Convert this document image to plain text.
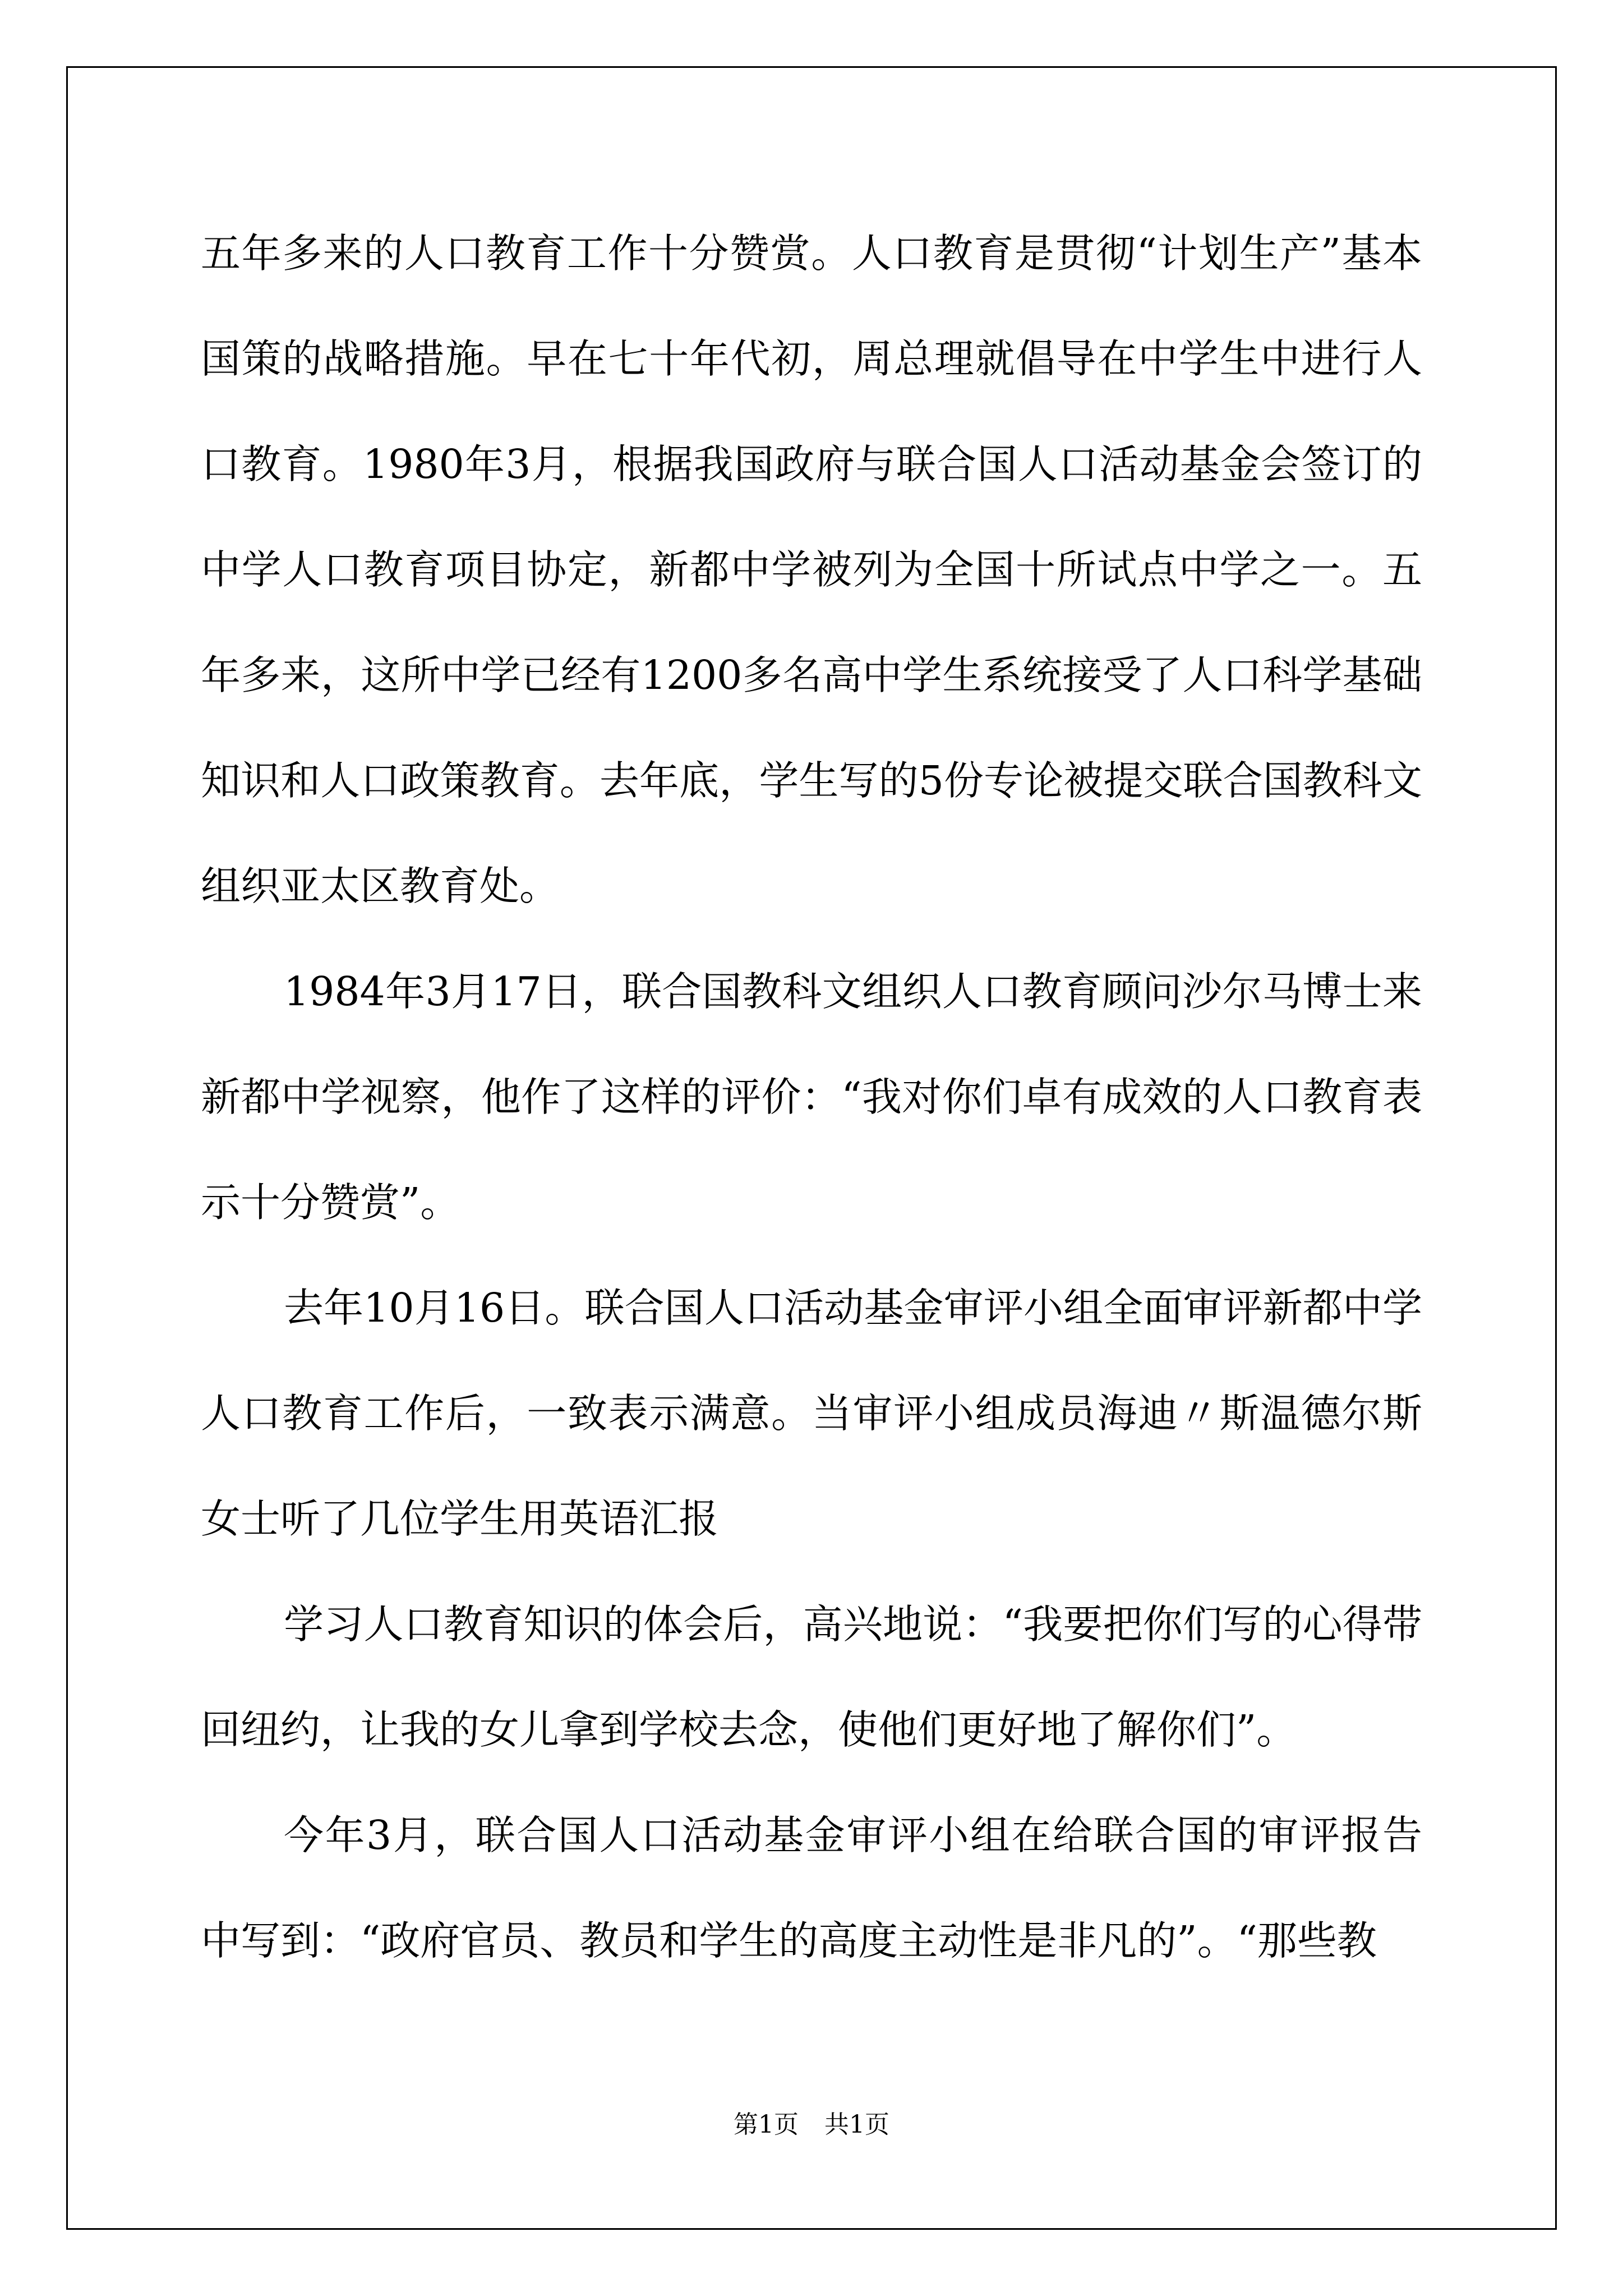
五年多来的人口教育工作十分赞赏。人口教育是贯彻“计划生产”基本国策的战略措施。早在七十年代初，周总理就倡导在中学生中进行人口教育。1980年3月，根据我国政府与联合国人口活动基金会签订的中学人口教育项目协定，新都中学被列为全国十所试点中学之一。五年多来，这所中学已经有1200多名高中学生系统接受了人口科学基础知识和人口政策教育。去年底，学生写的5份专论被提交联合国教科文组织亚太区教育处。

1984年3月17日，联合国教科文组织人口教育顾问沙尔马博士来新都中学视察，他作了这样的评价：“我对你们卓有成效的人口教育表示十分赞赏”。

去年10月16日。联合国人口活动基金审评小组全面审评新都中学人口教育工作后，一致表示满意。当审评小组成员海迪〃斯温德尔斯女士听了几位学生用英语汇报

学习人口教育知识的体会后，高兴地说：“我要把你们写的心得带回纽约，让我的女儿拿到学校去念，使他们更好地了解你们”。

今年3月，联合国人口活动基金审评小组在给联合国的审评报告中写到：“政府官员、教员和学生的高度主动性是非凡的”。“那些教

第1页 共1页
